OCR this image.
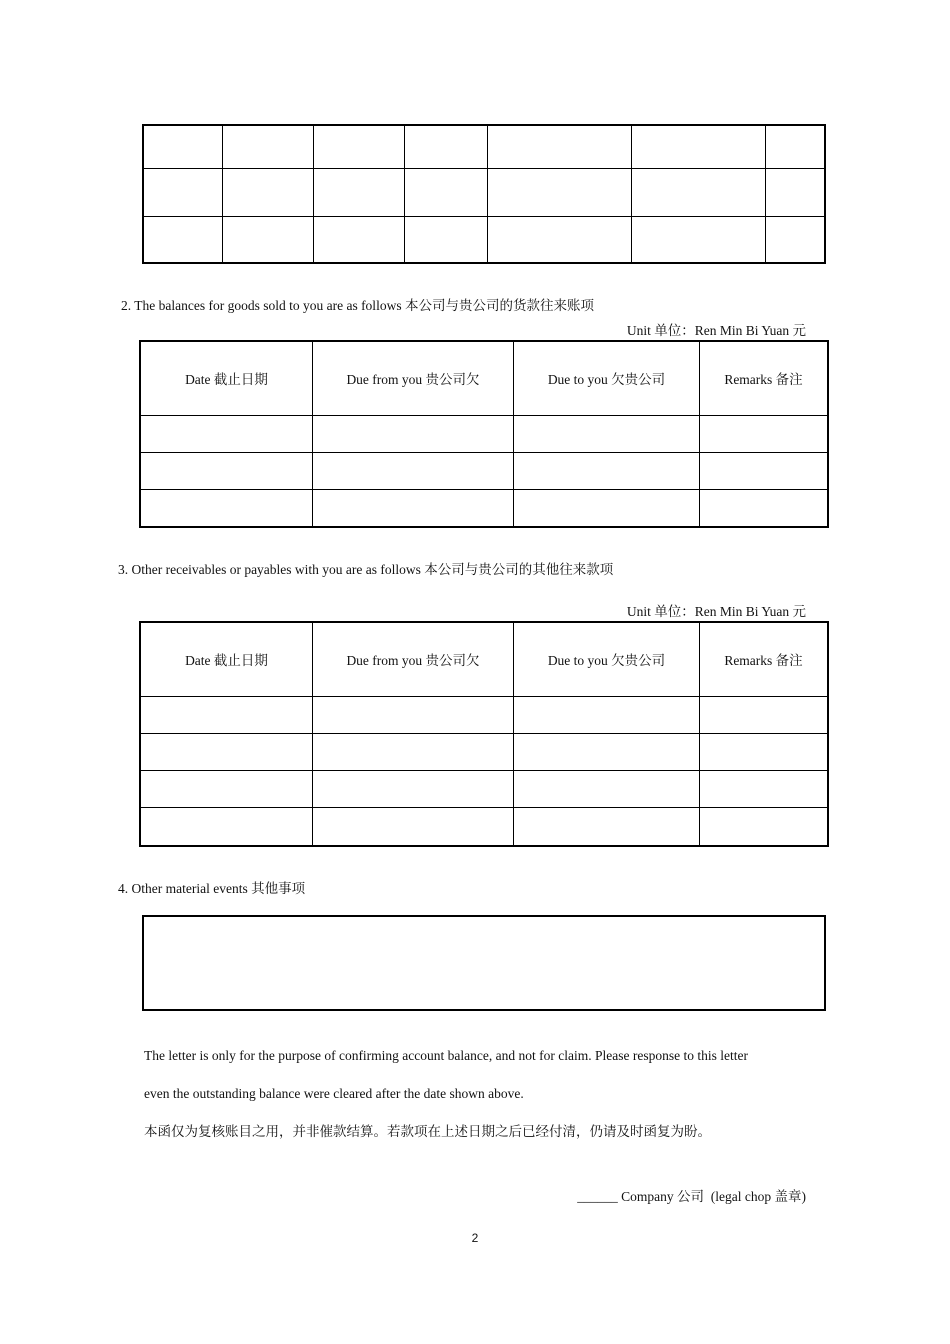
2. The balances for goods sold to you are as follows 本公司与贵公司的货款往来账项
Unit 单位：Ren Min Bi Yuan 元
Date 截止日期	Due from you 贵公司欠	Due to you 欠贵公司	Remarks 备注

3. Other receivables or payables with you are as follows 本公司与贵公司的其他往来款项
Unit 单位：Ren Min Bi Yuan 元
Date 截止日期	Due from you 贵公司欠	Due to you 欠贵公司	Remarks 备注

4. Other material events 其他事项
The letter is only for the purpose of confirming account balance, and not for claim. Please response to this letter
even the outstanding balance were cleared after the date shown above.
本函仅为复核账目之用，并非催款结算。若款项在上述日期之后已经付清，仍请及时函复为盼。
______ Company 公司  (legal chop 盖章)
2
